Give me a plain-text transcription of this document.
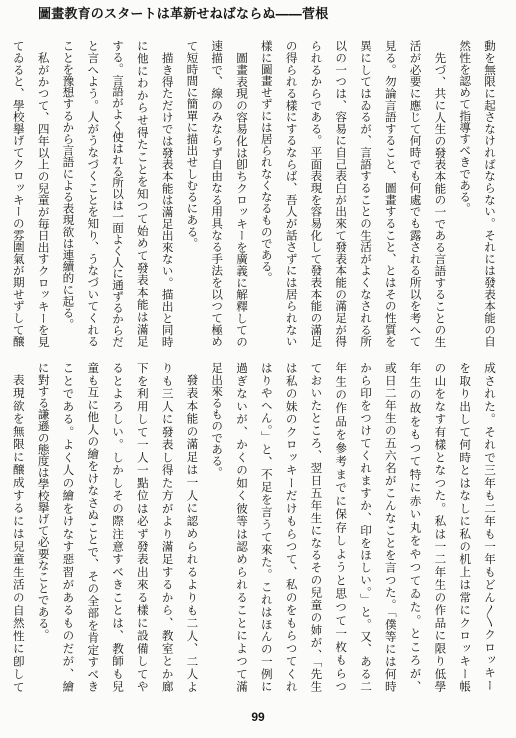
圖畫教育のスタートは革新せねばならぬ――菅根
動を無限に起さなければならない。それには發表本能の自
然性を認めて指導すべきである。
先づ、共に人生の發表本能の一である言語することの生
活が必要に應じて何時でも何處でも露される所以を考へて
見る。勿論言語すること、圖畫すること、とはその性質を
異にしてはゐるが、言語することの生活がよくなされる所
以の一つは、容易に自己表白が出來て發表本能の滿足が得
られるからである。平面表現を容易化して發表本能の滿足
の得られる樣にするならば、吾人が話さずには居られない
樣に圖畫せずには居られなくなるものである。
圖畫表現の容易化は卽ちクロッキーを廣義に解釋しての
速描で、線のみならず自由なる用具なる手法を以つて極め
て短時間に簡單に描出せしむるにある。
描き得ただけでは發表本能は滿足出來ない。描出と同時
に他にわからせ得たことを知つて始めて發表本能は滿足
する。言語がよく使はれる所以は一面よく人に通ずるからだ
と言へよう。人がうなづくことを知り、うなづいてくれる
ことを豫想するから言語による表現欲は連續的に起る。
私がかつて、四年以上の兒童が毎日出すクロッキーを見
てゐると、學校擧げてクロッキーの雰圍氣が期せずして醸
成された。それで三年も二年も一年もどん〳〵クロッキー
を取り出して何時とはなしに私の机上は常にクロッキー帳
の山をなす有樣となつた。私は一二年生の作品に限り低學
年生の故をもつて特に赤い丸をやつてゐた。ところが、
或日二年生の五六名がこんなことを言つた。「僕等には何時
から印をつけてくれますか、印をほしい。」と。又、ある二
年生の作品を參考までに保存しようと思つて一枚もらつ
ておいたところ、翌日五年生になるその兒童の姉が、「先生
は私の妹のクロッキーだけもらつて、私のをもらつてくれ
はりやへん。」と、不足を言うて來た。これはほんの一例に
過ぎないが、かくの如く彼等は認められることによつて滿
足出來るものである。
發表本能の滿足は一人に認められるよりも二人、二人よ
りも三人に發表し得た方がより滿足するから、教室とか廊
下を利用して一人一點位は必ず發表出來る樣に設備してや
るとよろしい。しかしその際注意すべきことは、教師も兒
童も互に他人の繪をけなさぬことで、その全部を肯定すべき
ことである。よく人の繪をけなす惡習があるものだが、繪
に對する謙遜の態度は學校擧げて必要なことである。
表現欲を無限に醸成するには兒童生活の自然性に卽して
99
